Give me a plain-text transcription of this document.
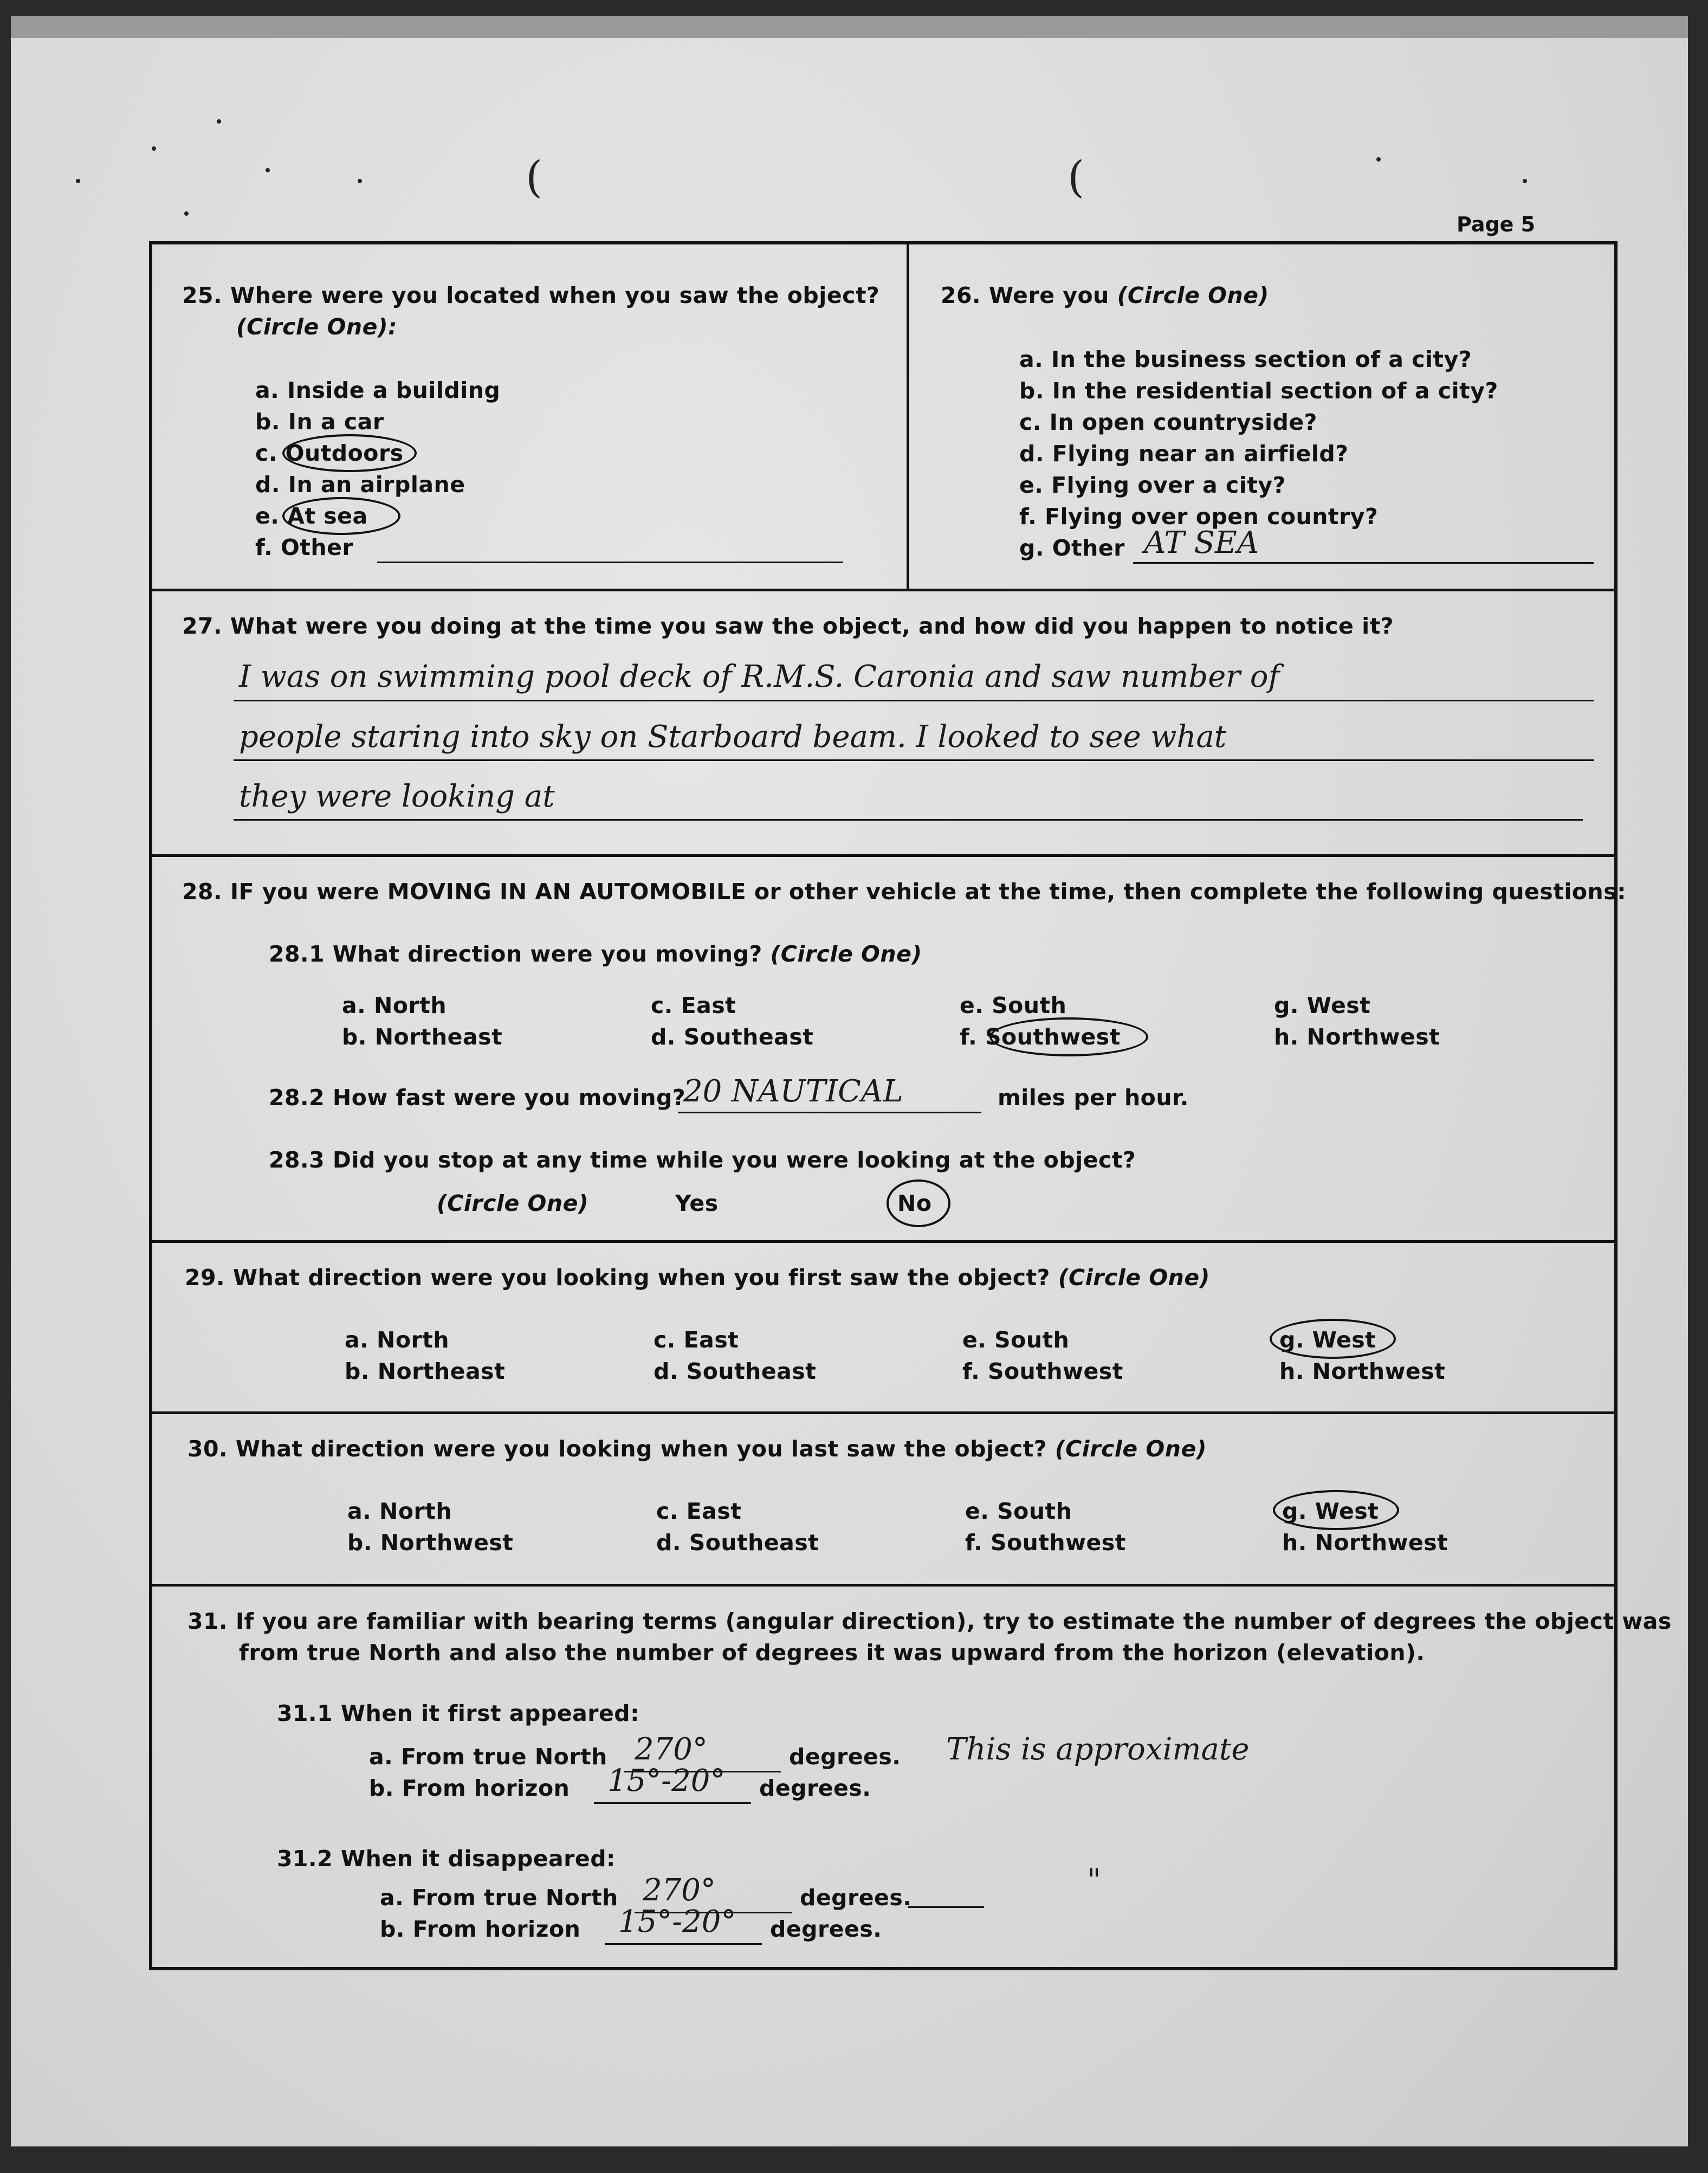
(	(
Page 5
25. Where were you located when you saw the object?
(Circle One):
a. Inside a building
b. In a car
c. Outdoors
d. In an airplane
e. At sea
f. Other
26. Were you (Circle One)
a. In the business section of a city?
b. In the residential section of a city?
c. In open countryside?
d. Flying near an airfield?
e. Flying over a city?
f. Flying over open country?
g. Other AT SEA
27. What were you doing at the time you saw the object, and how did you happen to notice it?
I was on swimming pool deck of R.M.S. Caronia and saw number of
people staring into sky on Starboard beam. I looked to see what
they were looking at
28. IF you were MOVING IN AN AUTOMOBILE or other vehicle at the time, then complete the following questions:
28.1 What direction were you moving? (Circle One)
a. North
b. Northeast
c. East
d. Southeast
e. South
f. Southwest
g. West
h. Northwest
28.2 How fast were you moving?
20 NAUTICAL	miles per hour.
28.3 Did you stop at any time while you were looking at the object?
(Circle One)	Yes	No
29. What direction were you looking when you first saw the object? (Circle One)
a. North
b. Northeast
c. East
d. Southeast
e. South
f. Southwest
g. West
h. Northwest
30. What direction were you looking when you last saw the object? (Circle One)
a. North
b. Northwest
c. East
d. Southeast
e. South
f. Southwest
g. West
h. Northwest
31. If you are familiar with bearing terms (angular direction), try to estimate the number of degrees the object was
from true North and also the number of degrees it was upward from the horizon (elevation).
31.1 When it first appeared:
a. From true North 270°	degrees. This is approximate
b. From horizon 15°-20° degrees.
31.2 When it disappeared:
a. From true North 270°	degrees.	"
b. From horizon 15°-20° degrees.
